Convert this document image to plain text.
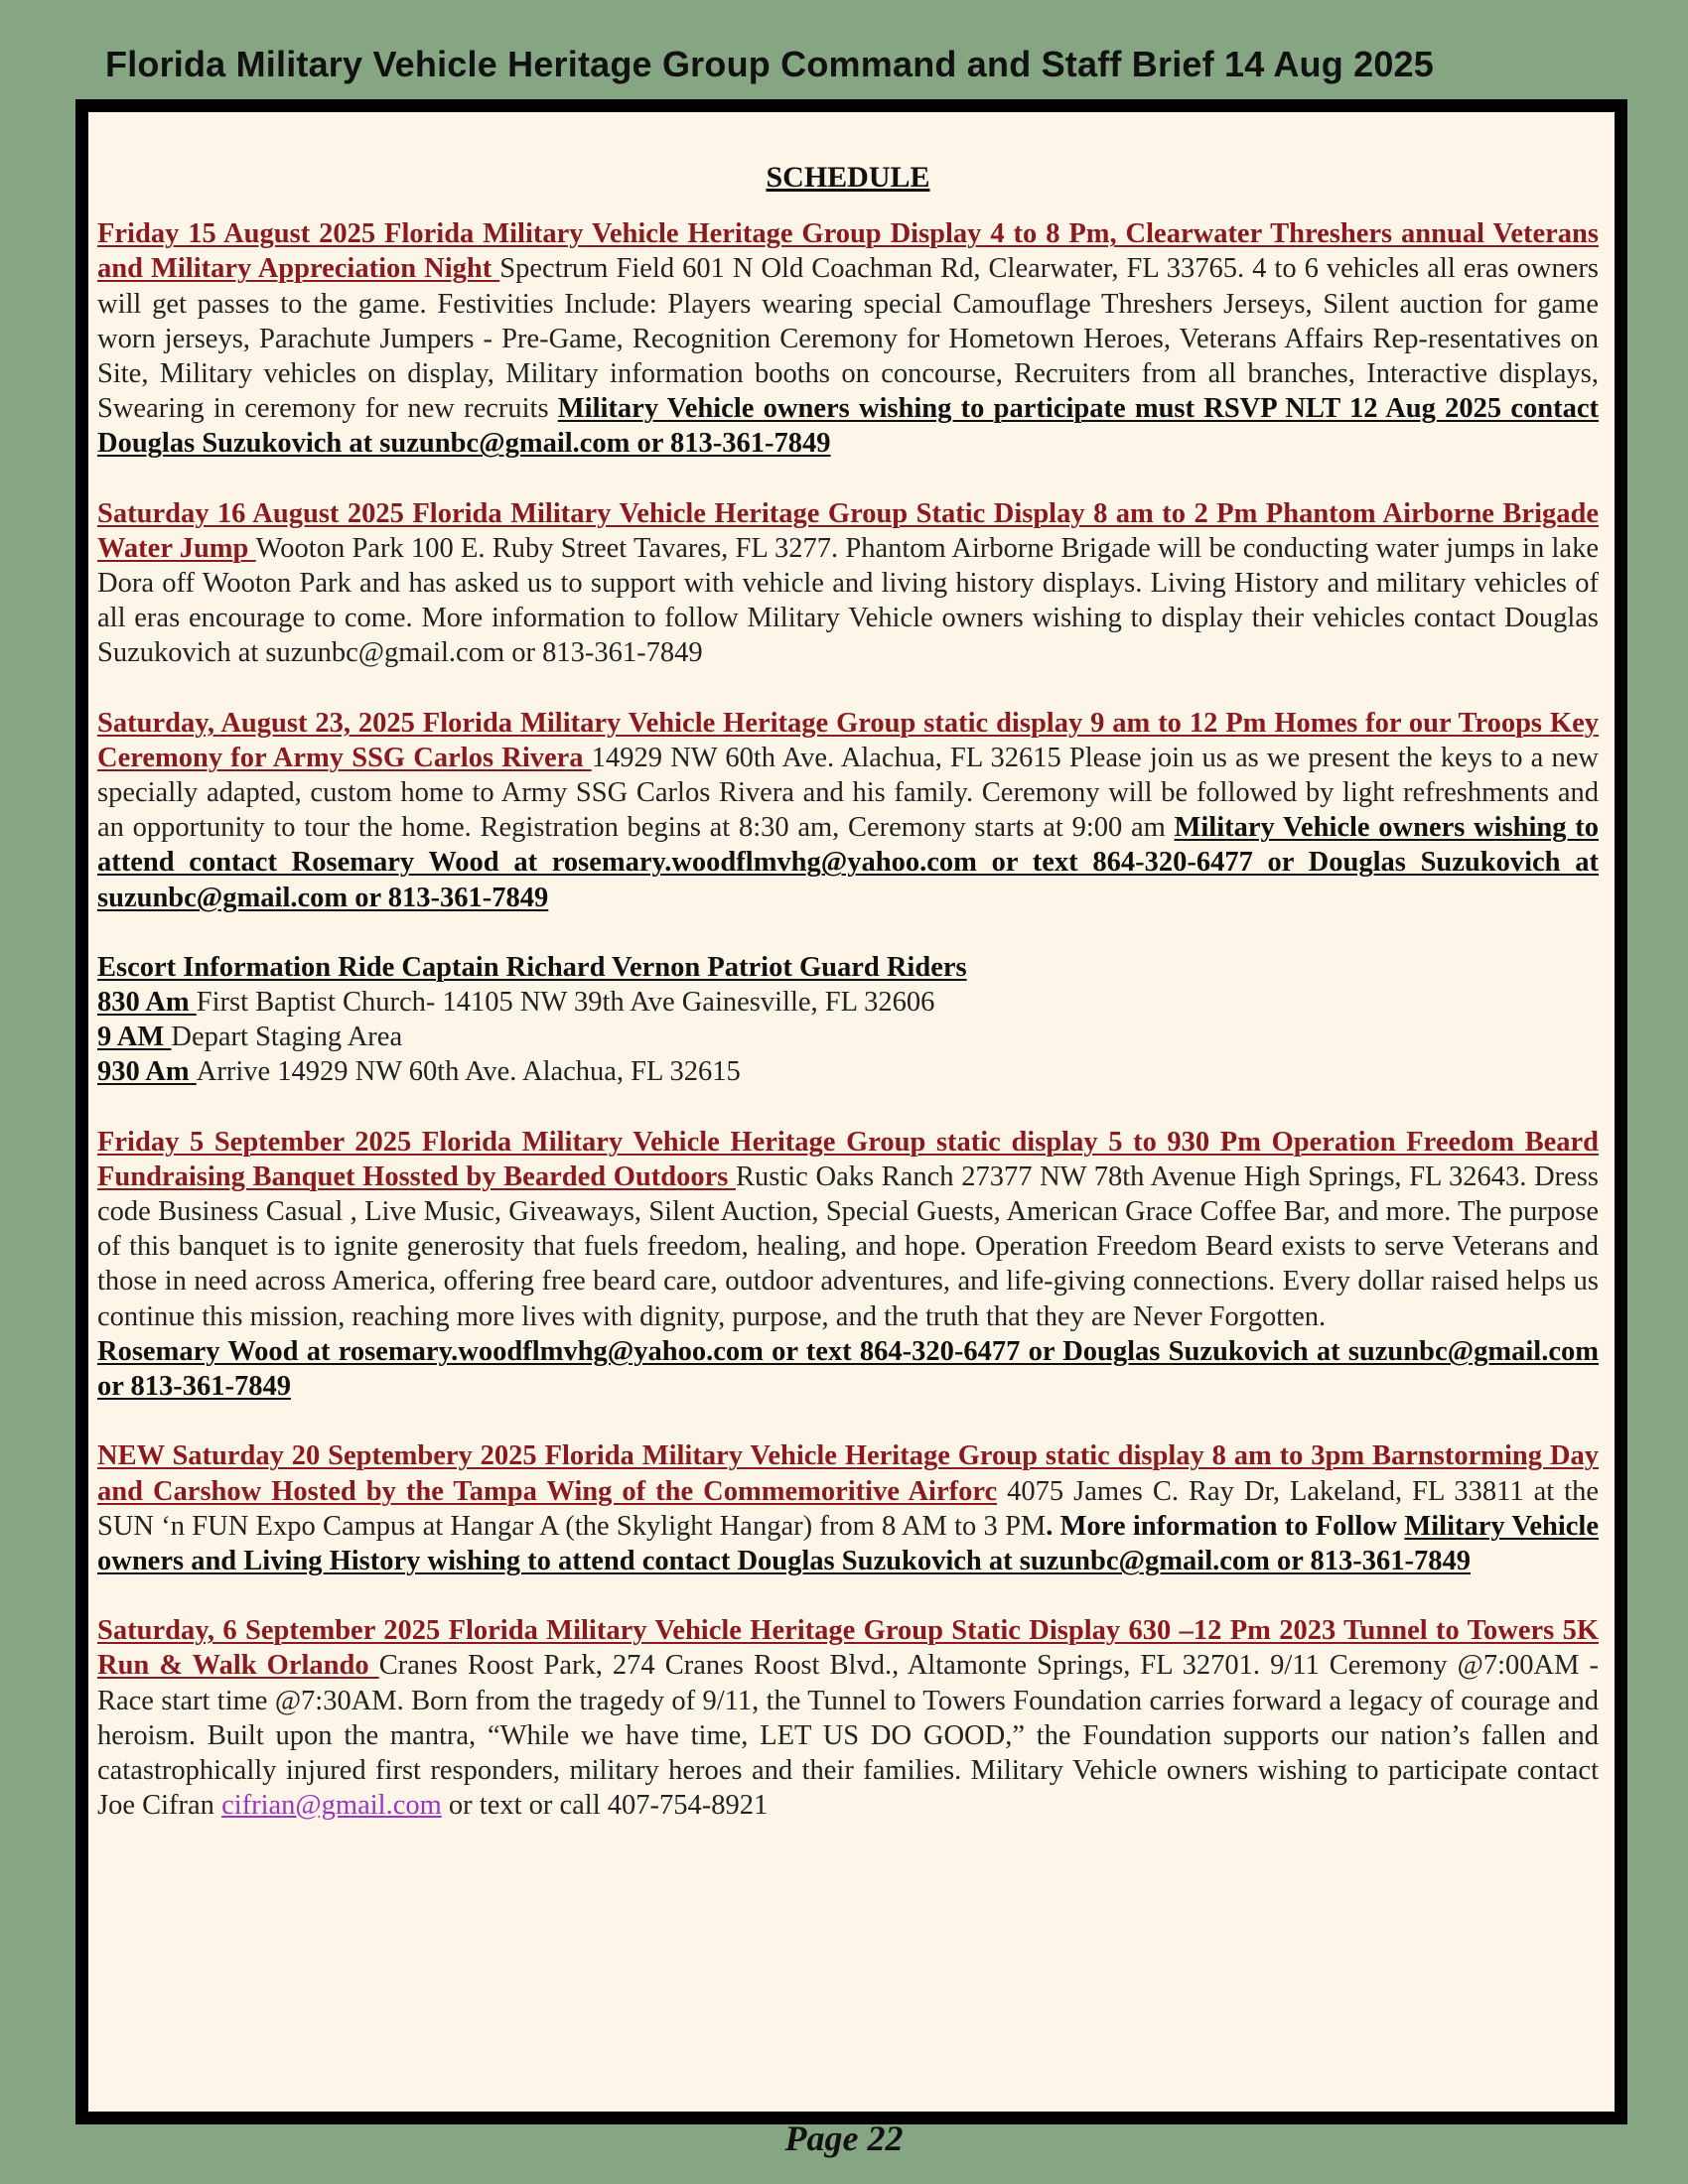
Florida Military Vehicle Heritage Group Command and Staff Brief 14 Aug 2025
SCHEDULE
Friday 15 August 2025 Florida Military Vehicle Heritage Group Display 4 to 8 Pm, Clearwater Threshers annual Veterans and Military Appreciation Night Spectrum Field 601 N Old Coachman Rd, Clearwater, FL 33765. 4 to 6 vehicles all eras owners will get passes to the game. Festivities Include: Players wearing special Camouflage Threshers Jerseys, Silent auction for game worn jerseys, Parachute Jumpers - Pre-Game, Recognition Ceremony for Hometown Heroes, Veterans Affairs Rep-resentatives on Site, Military vehicles on display, Military information booths on concourse, Recruiters from all branches, Interactive displays, Swearing in ceremony for new recruits Military Vehicle owners wishing to participate must RSVP NLT 12 Aug 2025 contact Douglas Suzukovich at suzunbc@gmail.com or 813-361-7849
Saturday 16 August 2025 Florida Military Vehicle Heritage Group Static Display 8 am to 2 Pm Phantom Airborne Brigade Water Jump Wooton Park 100 E. Ruby Street Tavares, FL 3277. Phantom Airborne Brigade will be conducting water jumps in lake Dora off Wooton Park and has asked us to support with vehicle and living history displays. Living History and military vehicles of all eras encourage to come. More information to follow Military Vehicle owners wishing to display their vehicles contact Douglas Suzukovich at suzunbc@gmail.com or 813-361-7849
Saturday, August 23, 2025 Florida Military Vehicle Heritage Group static display 9 am to 12 Pm Homes for our Troops Key Ceremony for Army SSG Carlos Rivera 14929 NW 60th Ave. Alachua, FL 32615 Please join us as we present the keys to a new specially adapted, custom home to Army SSG Carlos Rivera and his family. Ceremony will be followed by light refreshments and an opportunity to tour the home. Registration begins at 8:30 am, Ceremony starts at 9:00 am Military Vehicle owners wishing to attend contact Rosemary Wood at rosemary.woodflmvhg@yahoo.com or text 864-320-6477 or Douglas Suzukovich at suzunbc@gmail.com or 813-361-7849
Escort Information Ride Captain Richard Vernon Patriot Guard Riders
830 Am First Baptist Church- 14105 NW 39th Ave Gainesville, FL 32606
9 AM Depart Staging Area
930 Am Arrive 14929 NW 60th Ave. Alachua, FL 32615
Friday 5 September 2025 Florida Military Vehicle Heritage Group static display 5 to 930 Pm Operation Freedom Beard Fundraising Banquet Hossted by Bearded Outdoors Rustic Oaks Ranch 27377 NW 78th Avenue High Springs, FL 32643. Dress code Business Casual , Live Music, Giveaways, Silent Auction, Special Guests, American Grace Coffee Bar, and more. The purpose of this banquet is to ignite generosity that fuels freedom, healing, and hope. Operation Freedom Beard exists to serve Veterans and those in need across America, offering free beard care, outdoor adventures, and life-giving connections. Every dollar raised helps us continue this mission, reaching more lives with dignity, purpose, and the truth that they are Never Forgotten.
Rosemary Wood at rosemary.woodflmvhg@yahoo.com or text 864-320-6477 or Douglas Suzukovich at suzunbc@gmail.com or 813-361-7849
NEW Saturday 20 Septembery 2025 Florida Military Vehicle Heritage Group static display 8 am to 3pm Barnstorming Day and Carshow Hosted by the Tampa Wing of the Commemoritive Airforc 4075 James C. Ray Dr, Lakeland, FL 33811 at the SUN ‘n FUN Expo Campus at Hangar A (the Skylight Hangar) from 8 AM to 3 PM. More information to Follow Military Vehicle owners and Living History wishing to attend contact Douglas Suzukovich at suzunbc@gmail.com or 813-361-7849
Saturday, 6 September 2025 Florida Military Vehicle Heritage Group Static Display 630 –12 Pm 2023 Tunnel to Towers 5K Run & Walk Orlando Cranes Roost Park, 274 Cranes Roost Blvd., Altamonte Springs, FL 32701. 9/11 Ceremony @7:00AM - Race start time @7:30AM. Born from the tragedy of 9/11, the Tunnel to Towers Foundation carries forward a legacy of courage and heroism. Built upon the mantra, “While we have time, LET US DO GOOD,” the Foundation supports our nation’s fallen and catastrophically injured first responders, military heroes and their families. Military Vehicle owners wishing to participate contact Joe Cifran cifrian@gmail.com or text or call 407-754-8921
Page 22
